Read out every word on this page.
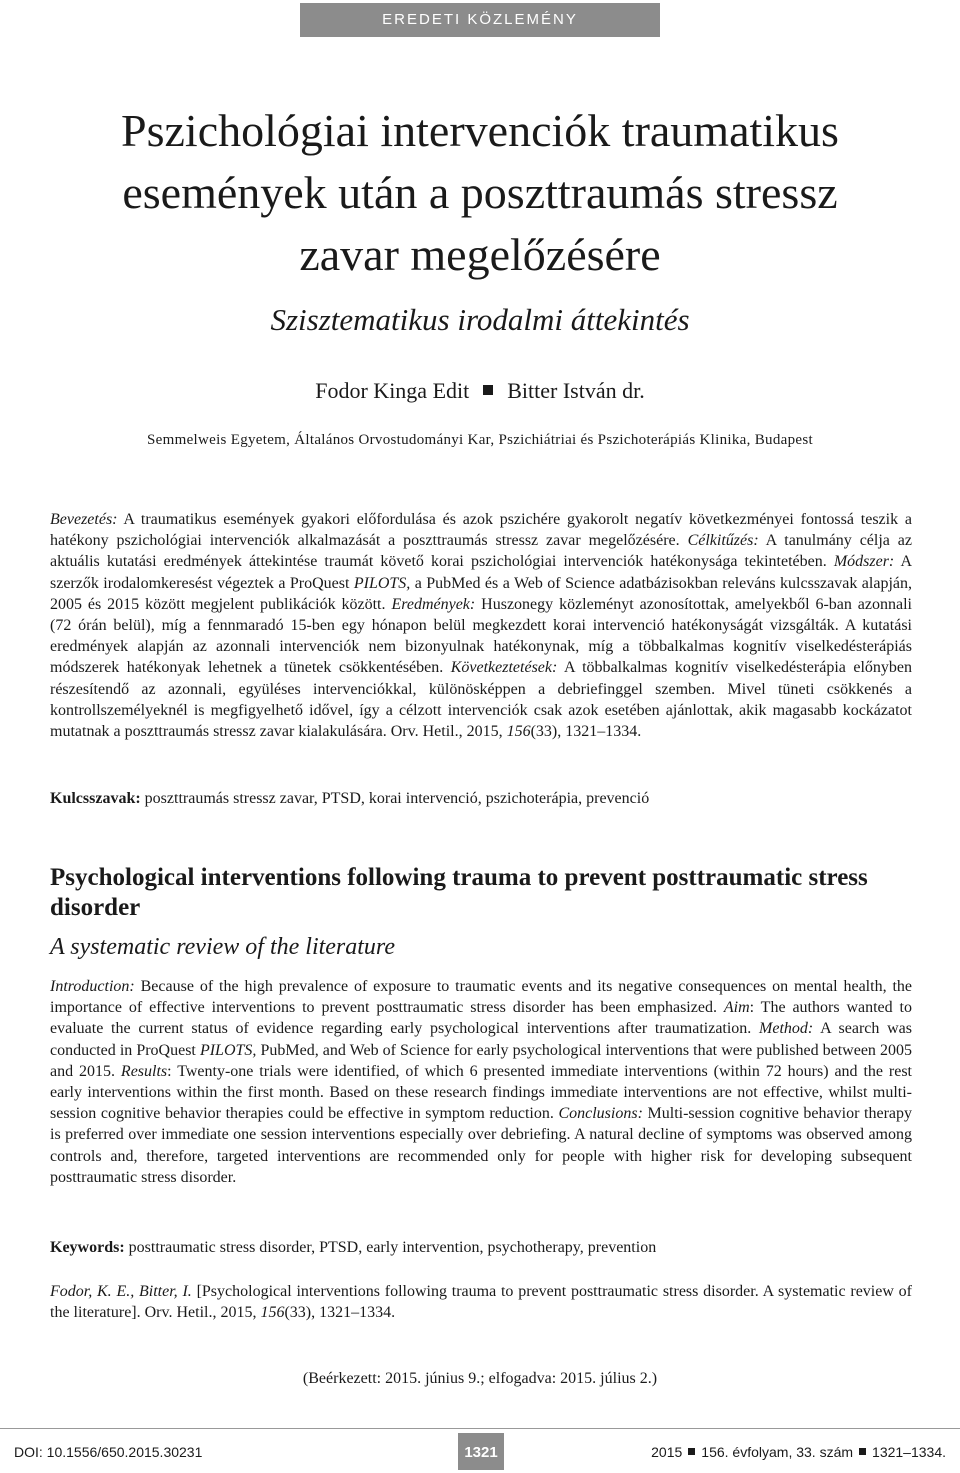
EREDETI KÖZLEMÉNY
Pszichológiai intervenciók traumatikus
események után a poszttraumás stressz
zavar megelőzésére

Szisztematikus irodalmi áttekintés

Fodor Kinga Edit Bitter István dr.

Semmelweis Egyetem, Általános Orvostudományi Kar, Pszichiátriai és Pszichoterápiás Klinika, Budapest

Bevezetés: A traumatikus események gyakori előfordulása és azok pszichére gyakorolt negatív következményei fontossá teszik a hatékony pszichológiai intervenciók alkalmazását a poszttraumás stressz zavar megelőzésére. Célkitűzés: A tanulmány célja az aktuális kutatási eredmények áttekintése traumát követő korai pszichológiai intervenciók hatékonysága tekintetében. Módszer: A szerzők irodalomkeresést végeztek a ProQuest PILOTS, a PubMed és a Web of Science adatbázisokban releváns kulcsszavak alapján, 2005 és 2015 között megjelent publikációk között. Eredmények: Huszonegy közleményt azonosítottak, amelyekből 6-ban azonnali (72 órán belül), míg a fennmaradó 15-ben egy hónapon belül megkezdett korai intervenció hatékonyságát vizsgálták. A kutatási eredmények alapján az azonnali intervenciók nem bizonyulnak hatékonynak, míg a többalkalmas kognitív viselkedésterápiás módszerek hatékonyak lehetnek a tünetek csökkentésében. Következtetések: A többalkalmas kognitív viselkedésterápia előnyben részesítendő az azonnali, együléses intervenciókkal, különösképpen a debriefinggel szemben. Mivel tüneti csökkenés a kontrollszemélyeknél is megfigyelhető idővel, így a célzott intervenciók csak azok esetében ajánlottak, akik magasabb kockázatot mutatnak a poszttraumás stressz zavar kialakulására. Orv. Hetil., 2015, 156(33), 1321–1334.

Kulcsszavak: poszttraumás stressz zavar, PTSD, korai intervenció, pszichoterápia, prevenció

Psychological interventions following trauma to prevent posttraumatic stress disorder

A systematic review of the literature

Introduction: Because of the high prevalence of exposure to traumatic events and its negative consequences on mental health, the importance of effective interventions to prevent posttraumatic stress disorder has been emphasized. Aim: The authors wanted to evaluate the current status of evidence regarding early psychological interventions after traumatization. Method: A search was conducted in ProQuest PILOTS, PubMed, and Web of Science for early psychological interventions that were published between 2005 and 2015. Results: Twenty-one trials were identified, of which 6 presented immediate interventions (within 72 hours) and the rest early interventions within the first month. Based on these research findings immediate interventions are not effective, whilst multi-session cognitive behavior therapies could be effective in symptom reduction. Conclusions: Multi-session cognitive behavior therapy is preferred over immediate one session interventions especially over debriefing. A natural decline of symptoms was observed among controls and, therefore, targeted interventions are recommended only for people with higher risk for developing subsequent posttraumatic stress disorder.

Keywords: posttraumatic stress disorder, PTSD, early intervention, psychotherapy, prevention

Fodor, K. E., Bitter, I. [Psychological interventions following trauma to prevent posttraumatic stress disorder. A systematic review of the literature]. Orv. Hetil., 2015, 156(33), 1321–1334.

(Beérkezett: 2015. június 9.; elfogadva: 2015. július 2.)

DOI: 10.1556/650.2015.30231	1321	2015 156. évfolyam, 33. szám 1321–1334.
